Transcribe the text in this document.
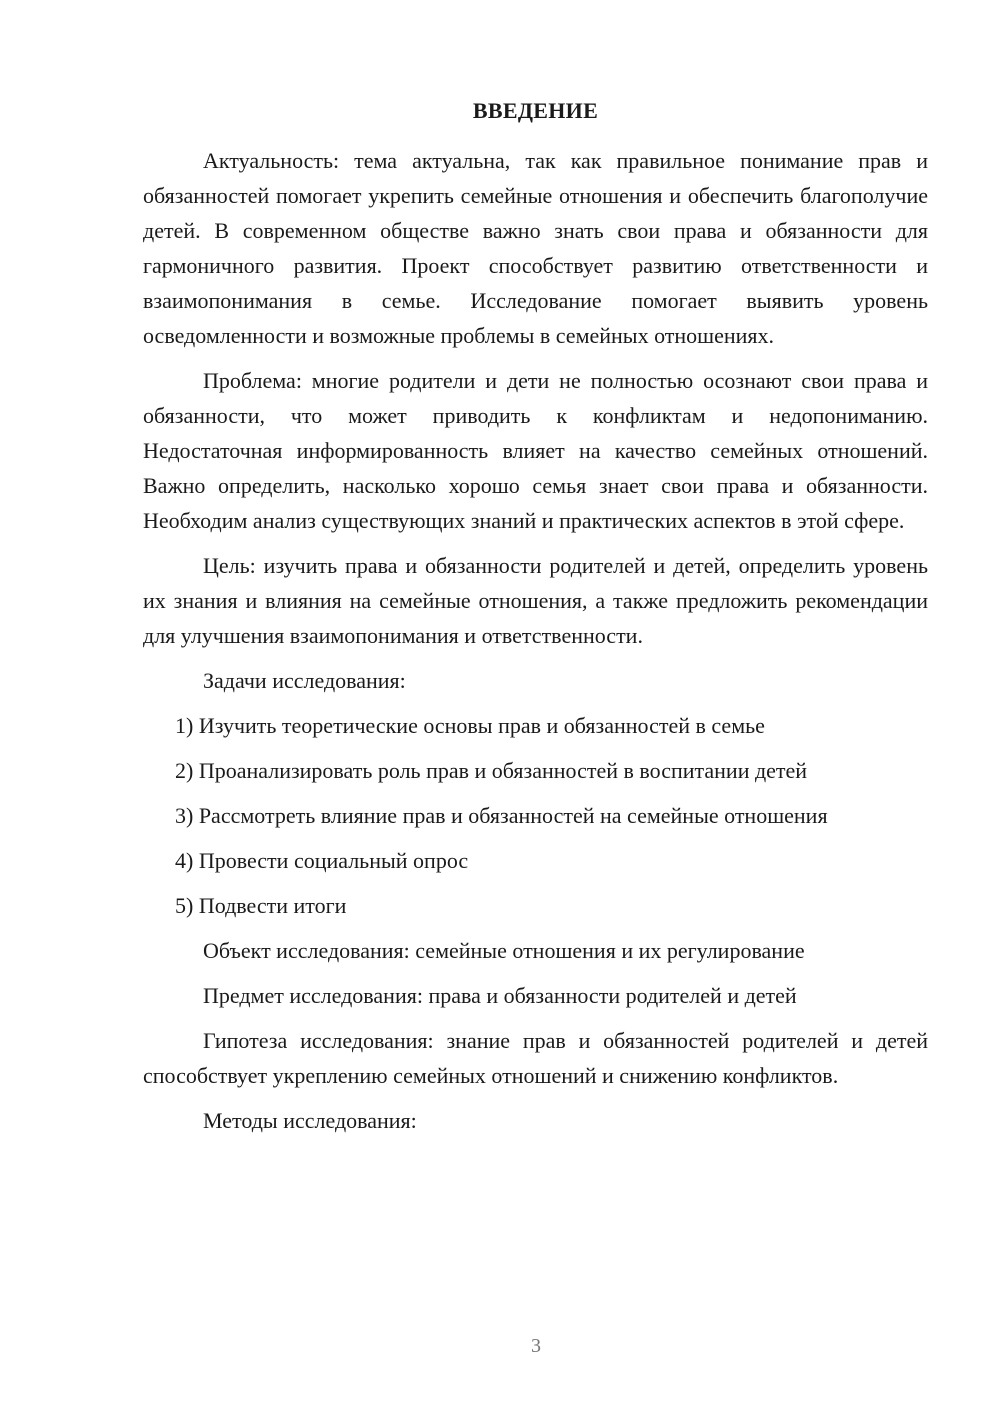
ВВЕДЕНИЕ

Актуальность: тема актуальна, так как правильное понимание прав и обязанностей помогает укрепить семейные отношения и обеспечить благополучие детей. В современном обществе важно знать свои права и обязанности для гармоничного развития. Проект способствует развитию ответственности и взаимопонимания в семье. Исследование помогает выявить уровень осведомленности и возможные проблемы в семейных отношениях.

Проблема: многие родители и дети не полностью осознают свои права и обязанности, что может приводить к конфликтам и недопониманию. Недостаточная информированность влияет на качество семейных отношений. Важно определить, насколько хорошо семья знает свои права и обязанности. Необходим анализ существующих знаний и практических аспектов в этой сфере.

Цель: изучить права и обязанности родителей и детей, определить уровень их знания и влияния на семейные отношения, а также предложить рекомендации для улучшения взаимопонимания и ответственности.

Задачи исследования:

1) Изучить теоретические основы прав и обязанностей в семье

2) Проанализировать роль прав и обязанностей в воспитании детей

3) Рассмотреть влияние прав и обязанностей на семейные отношения

4) Провести социальный опрос

5) Подвести итоги

Объект исследования: семейные отношения и их регулирование

Предмет исследования: права и обязанности родителей и детей

Гипотеза исследования: знание прав и обязанностей родителей и детей способствует укреплению семейных отношений и снижению конфликтов.

Методы исследования:

3
